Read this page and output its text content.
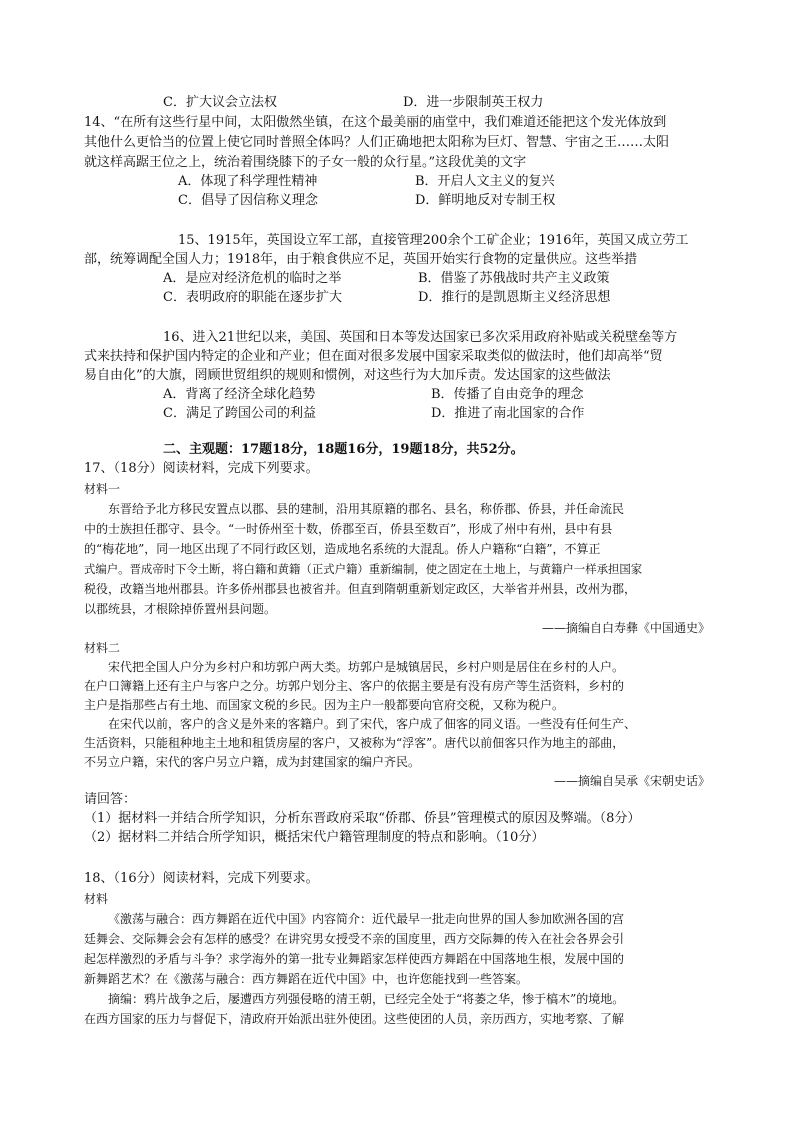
C．扩大议会立法权	D．进一步限制英王权力
14、“在所有这些行星中间，太阳傲然坐镇，在这个最美丽的庙堂中，我们难道还能把这个发光体放到
其他什么更恰当的位置上使它同时普照全体吗？人们正确地把太阳称为巨灯、智慧、宇宙之王……太阳
就这样高踞王位之上，统治着围绕膝下的子女一般的众行星。”这段优美的文字
A．体现了科学理性精神	B．开启人文主义的复兴
C．倡导了因信称义理念	D．鲜明地反对专制王权
15、1915年，英国设立军工部，直接管理200余个工矿企业；1916年，英国又成立劳工
部，统筹调配全国人力；1918年，由于粮食供应不足，英国开始实行食物的定量供应。这些举措
A．是应对经济危机的临时之举	B．借鉴了苏俄战时共产主义政策
C．表明政府的职能在逐步扩大	D．推行的是凯恩斯主义经济思想
16、进入21世纪以来，美国、英国和日本等发达国家已多次采用政府补贴或关税壁垒等方
式来扶持和保护国内特定的企业和产业；但在面对很多发展中国家采取类似的做法时，他们却高举“贸
易自由化”的大旗，罔顾世贸组织的规则和惯例，对这些行为大加斥责。发达国家的这些做法
A．背离了经济全球化趋势	B．传播了自由竞争的理念
C．满足了跨国公司的利益	D．推进了南北国家的合作
二、主观题：17题18分，18题16分，19题18分，共52分。
17、（18分）阅读材料，完成下列要求。
材料一
东晋给予北方移民安置点以郡、县的建制，沿用其原籍的郡名、县名，称侨郡、侨县，并任命流民
中的士族担任郡守、县令。“一时侨州至十数，侨郡至百，侨县至数百”，形成了州中有州，县中有县
的“梅花地”，同一地区出现了不同行政区划，造成地名系统的大混乱。侨人户籍称“白籍”，不算正
式编户。晋成帝时下令土断，将白籍和黄籍（正式户籍）重新编制，使之固定在土地上，与黄籍户一样承担国家
税役，改籍当地州郡县。许多侨州郡县也被省并。但直到隋朝重新划定政区，大举省并州县，改州为郡，
以郡统县，才根除掉侨置州县问题。
——摘编自白寿彝《中国通史》
材料二
宋代把全国人户分为乡村户和坊郭户两大类。坊郭户是城镇居民，乡村户则是居住在乡村的人户。
在户口簿籍上还有主户与客户之分。坊郭户划分主、客户的依据主要是有没有房产等生活资料，乡村的
主户是指那些占有土地、而国家文税的乡民。因为主户一般都要向官府交税，又称为税户。
在宋代以前，客户的含义是外来的客籍户。到了宋代，客户成了佃客的同义语。一些没有任何生产、
生活资料，只能租种地主土地和租赁房屋的客户，又被称为“浮客”。唐代以前佃客只作为地主的部曲，
不另立户籍，宋代的客户另立户籍，成为封建国家的编户齐民。
——摘编自吴承《宋朝史话》
请回答：
（1）据材料一并结合所学知识，分析东晋政府采取“侨郡、侨县”管理模式的原因及弊端。（8分）
（2）据材料二并结合所学知识，概括宋代户籍管理制度的特点和影响。（10分）
18、（16分）阅读材料，完成下列要求。
材料
《激荡与融合：西方舞蹈在近代中国》内容简介：近代最早一批走向世界的国人参加欧洲各国的宫
廷舞会、交际舞会会有怎样的感受？在讲究男女授受不亲的国度里，西方交际舞的传入在社会各界会引
起怎样激烈的矛盾与斗争？求学海外的第一批专业舞蹈家怎样使西方舞蹈在中国落地生根，发展中国的
新舞蹈艺术？在《激荡与融合：西方舞蹈在近代中国》中，也许您能找到一些答案。
摘编：鸦片战争之后，屡遭西方列强侵略的清王朝，已经完全处于“将萎之华，惨于槁木”的境地。
在西方国家的压力与督促下，清政府开始派出驻外使团。这些使团的人员，亲历西方，实地考察、了解
